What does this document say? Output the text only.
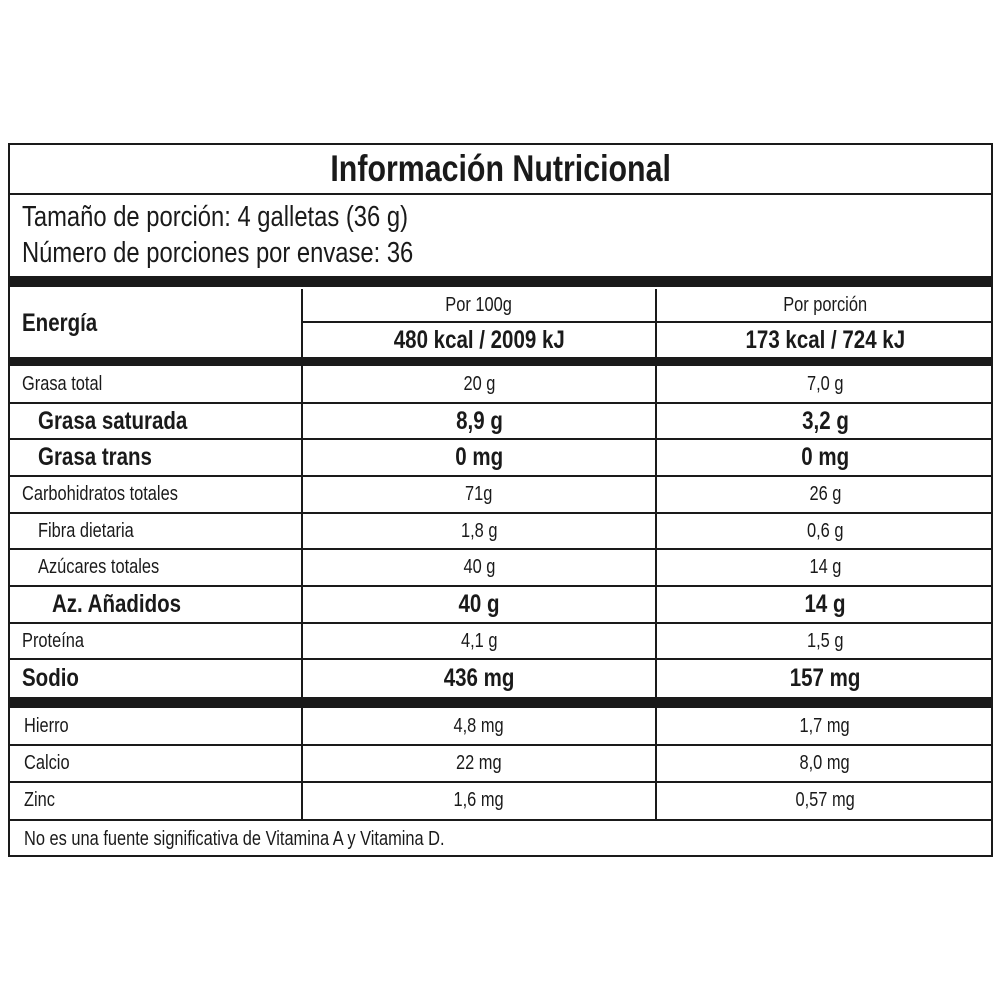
Información Nutricional
Tamaño de porción: 4 galletas (36 g)
Número de porciones por envase: 36
Energía
Por 100g	Por porción
480 kcal / 2009 kJ	173 kcal / 724 kJ
Grasa total	20 g	7,0 g
Grasa saturada	8,9 g	3,2 g
Grasa trans	0 mg	0 mg
Carbohidratos totales	71g	26 g
Fibra dietaria	1,8 g	0,6 g
Azúcares totales	40 g	14 g
Az. Añadidos	40 g	14 g
Proteína	4,1 g	1,5 g
Sodio	436 mg	157 mg
Hierro	4,8 mg	1,7 mg
Calcio	22 mg	8,0 mg
Zinc	1,6 mg	0,57 mg
No es una fuente significativa de Vitamina A y Vitamina D.
